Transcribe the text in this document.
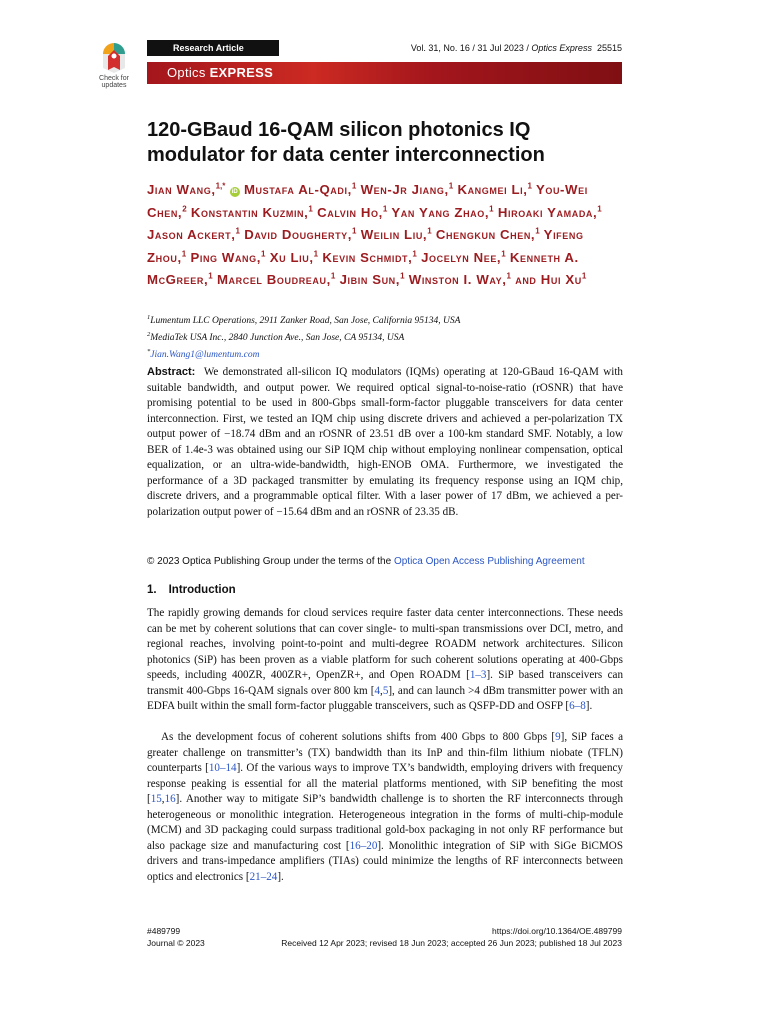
Check for updates
Research Article	Vol. 31, No. 16 / 31 Jul 2023 / Optics Express 25515
Optics EXPRESS
120-GBaud 16-QAM silicon photonics IQ modulator for data center interconnection
Jian Wang,$^{1,*}$ iD Mustafa Al-Qadi,$^1$ Wen-Jr Jiang,$^1$ Kangmei Li,$^1$ You-Wei Chen,$^2$ Konstantin Kuzmin,$^1$ Calvin Ho,$^1$ Yan Yang Zhao,$^1$ Hiroaki Yamada,$^1$ Jason Ackert,$^1$ David Dougherty,$^1$ Weilin Liu,$^1$ Chengkun Chen,$^1$ Yifeng Zhou,$^1$ Ping Wang,$^1$ Xu Liu,$^1$ Kevin Schmidt,$^1$ Jocelyn Nee,$^1$ Kenneth A. McGreer,$^1$ Marcel Boudreau,$^1$ Jibin Sun,$^1$ Winston I. Way,$^1$ and Hui Xu$^1$
$^1$Lumentum LLC Operations, 2911 Zanker Road, San Jose, California 95134, USA
$^2$MediaTek USA Inc., 2840 Junction Ave., San Jose, CA 95134, USA
*Jian.Wang1@lumentum.com
Abstract: We demonstrated all-silicon IQ modulators (IQMs) operating at 120-GBaud 16-QAM with suitable bandwidth, and output power. We required optical signal-to-noise-ratio (rOSNR) that have promising potential to be used in 800-Gbps small-form-factor pluggable transceivers for data center interconnection. First, we tested an IQM chip using discrete drivers and achieved a per-polarization TX output power of −18.74 dBm and an rOSNR of 23.51 dB over a 100-km standard SMF. Notably, a low BER of 1.4e-3 was obtained using our SiP IQM chip without employing nonlinear compensation, optical equalization, or an ultra-wide-bandwidth, high-ENOB OMA. Furthermore, we investigated the performance of a 3D packaged transmitter by emulating its frequency response using an IQM chip, discrete drivers, and a programmable optical filter. With a laser power of 17 dBm, we achieved a per-polarization output power of −15.64 dBm and an rOSNR of 23.35 dB.
© 2023 Optica Publishing Group under the terms of the Optica Open Access Publishing Agreement
1. Introduction

The rapidly growing demands for cloud services require faster data center interconnections. These needs can be met by coherent solutions that can cover single- to multi-span transmissions over DCI, metro, and regional reaches, involving point-to-point and multi-degree ROADM network architectures. Silicon photonics (SiP) has been proven as a viable platform for such coherent solutions operating at 400-Gbps speeds, including 400ZR, 400ZR+, OpenZR+, and Open ROADM [1–3]. SiP based transceivers can transmit 400-Gbps 16-QAM signals over 800 km [4,5], and can launch >4 dBm transmitter power with an EDFA built within the small form-factor pluggable transceivers, such as QSFP-DD and OSFP [6–8].

As the development focus of coherent solutions shifts from 400 Gbps to 800 Gbps [9], SiP faces a greater challenge on transmitter’s (TX) bandwidth than its InP and thin-film lithium niobate (TFLN) counterparts [10–14]. Of the various ways to improve TX’s bandwidth, employing drivers with frequency response peaking is essential for all the material platforms mentioned, with SiP benefiting the most [15,16]. Another way to mitigate SiP’s bandwidth challenge is to shorten the RF interconnects through heterogeneous or monolithic integration. Heterogeneous integration in the forms of multi-chip-module (MCM) and 3D packaging could surpass traditional gold-box packaging in not only RF performance but also package size and manufacturing cost [16–20]. Monolithic integration of SiP with SiGe BiCMOS drivers and trans-impedance amplifiers (TIAs) could minimize the lengths of RF interconnects between optics and electronics [21–24].

#489799
Journal © 2023
https://doi.org/10.1364/OE.489799
Received 12 Apr 2023; revised 18 Jun 2023; accepted 26 Jun 2023; published 18 Jul 2023
